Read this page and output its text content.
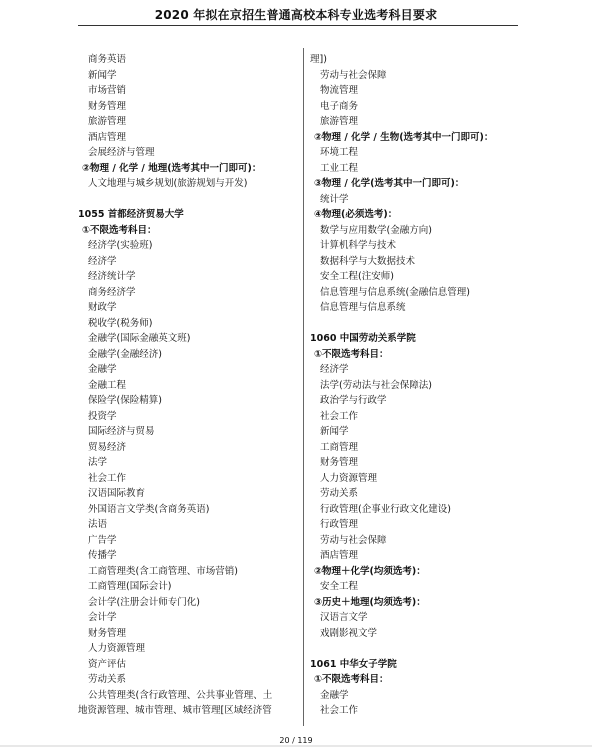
2020 年拟在京招生普通高校本科专业选考科目要求
商务英语
新闻学
市场营销
财务管理
旅游管理
酒店管理
会展经济与管理
②物理 / 化学 / 地理(选考其中一门即可)：
人文地理与城乡规划(旅游规划与开发)
1055 首都经济贸易大学
①不限选考科目：
经济学(实验班)
经济学
经济统计学
商务经济学
财政学
税收学(税务师)
金融学(国际金融英文班)
金融学(金融经济)
金融学
金融工程
保险学(保险精算)
投资学
国际经济与贸易
贸易经济
法学
社会工作
汉语国际教育
外国语言文学类(含商务英语)
法语
广告学
传播学
工商管理类(含工商管理、市场营销)
工商管理(国际会计)
会计学(注册会计师专门化)
会计学
财务管理
人力资源管理
资产评估
劳动关系
公共管理类(含行政管理、公共事业管理、土
地资源管理、城市管理、城市管理[区域经济管
理])
劳动与社会保障
物流管理
电子商务
旅游管理
②物理 / 化学 / 生物(选考其中一门即可)：
环境工程
工业工程
③物理 / 化学(选考其中一门即可)：
统计学
④物理(必须选考)：
数学与应用数学(金融方向)
计算机科学与技术
数据科学与大数据技术
安全工程(注安师)
信息管理与信息系统(金融信息管理)
信息管理与信息系统
1060 中国劳动关系学院
①不限选考科目：
经济学
法学(劳动法与社会保障法)
政治学与行政学
社会工作
新闻学
工商管理
财务管理
人力资源管理
劳动关系
行政管理(企事业行政文化建设)
行政管理
劳动与社会保障
酒店管理
②物理＋化学(均须选考)：
安全工程
③历史＋地理(均须选考)：
汉语言文学
戏剧影视文学
1061 中华女子学院
①不限选考科目：
金融学
社会工作
20 / 119
